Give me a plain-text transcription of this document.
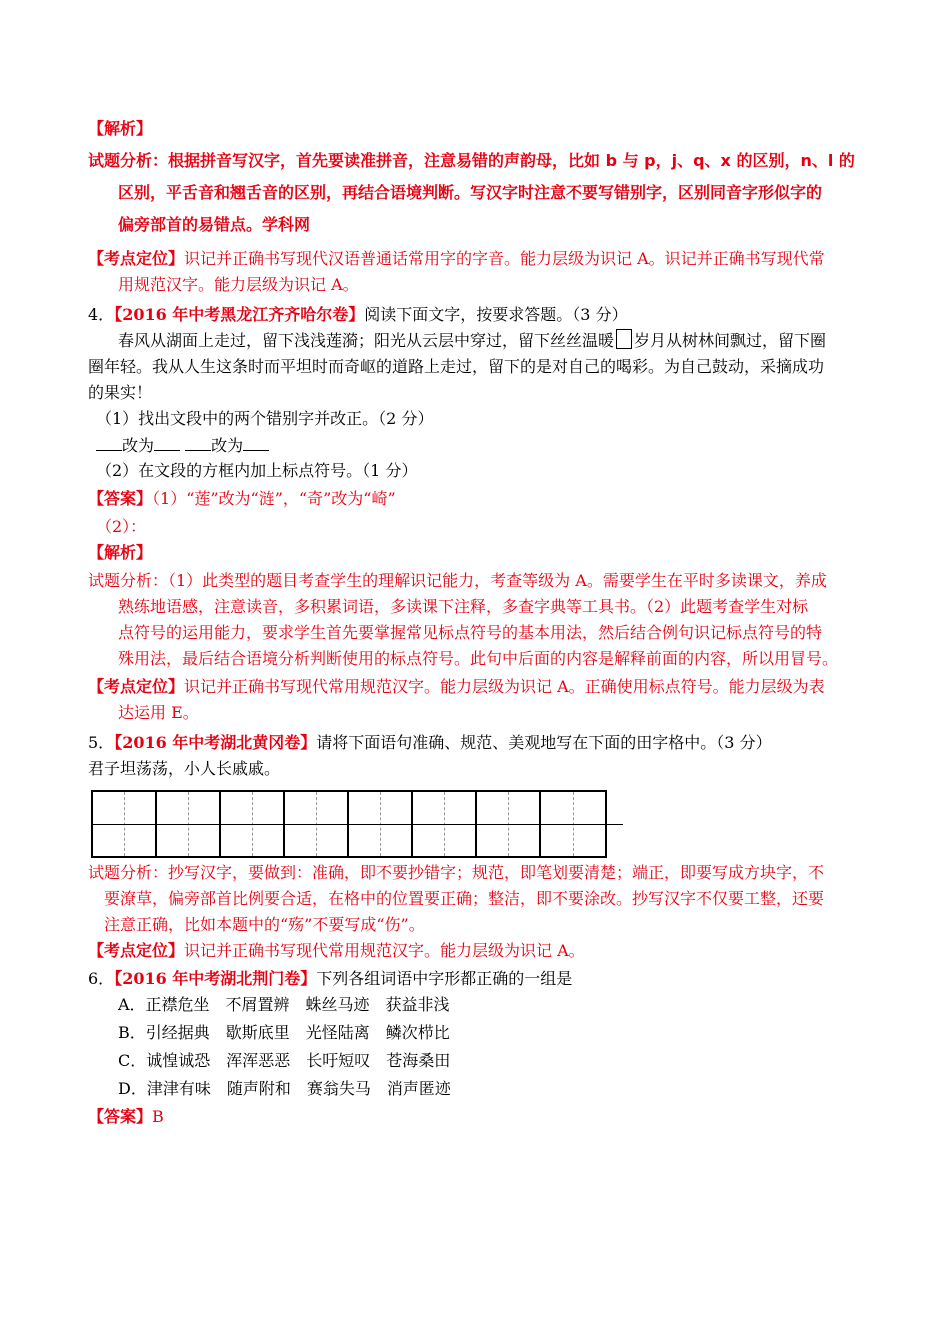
【解析】
试题分析：根据拼音写汉字，首先要读准拼音，注意易错的声韵母，比如 b 与 p，j、q、x 的区别，n、l 的
区别，平舌音和翘舌音的区别，再结合语境判断。写汉字时注意不要写错别字，区别同音字形似字的
偏旁部首的易错点。学科网
【考点定位】识记并正确书写现代汉语普通话常用字的字音。能力层级为识记 A。识记并正确书写现代常
用规范汉字。能力层级为识记 A。
4．【2016 年中考黑龙江齐齐哈尔卷】阅读下面文字，按要求答题。（3 分）
春风从湖面上走过，留下浅浅莲漪；阳光从云层中穿过，留下丝丝温暖 岁月从树林间飘过，留下圈
圈年轻。我从人生这条时而平坦时而奇岖的道路上走过，留下的是对自己的喝彩。为自己鼓动，采摘成功
的果实！
（1）找出文段中的两个错别字并改正。（2 分）
改为	改为
（2）在文段的方框内加上标点符号。（1 分）
【答案】（1）“莲”改为“涟”，“奇”改为“崎”
（2）：
【解析】
试题分析：（1）此类型的题目考查学生的理解识记能力，考查等级为 A。需要学生在平时多读课文，养成
熟练地语感，注意读音，多积累词语，多读课下注释，多查字典等工具书。（2）此题考查学生对标
点符号的运用能力，要求学生首先要掌握常见标点符号的基本用法，然后结合例句识记标点符号的特
殊用法，最后结合语境分析判断使用的标点符号。此句中后面的内容是解释前面的内容，所以用冒号。
【考点定位】识记并正确书写现代常用规范汉字。能力层级为识记 A。正确使用标点符号。能力层级为表
达运用 E。
5．【2016 年中考湖北黄冈卷】请将下面语句准确、规范、美观地写在下面的田字格中。（3 分）
君子坦荡荡，小人长戚戚。
试题分析：抄写汉字，要做到：准确，即不要抄错字；规范，即笔划要清楚；端正，即要写成方块字，不
要潦草，偏旁部首比例要合适，在格中的位置要正确；整洁，即不要涂改。抄写汉字不仅要工整，还要
注意正确，比如本题中的“殇”不要写成“伤”。
【考点定位】识记并正确书写现代常用规范汉字。能力层级为识记 A。
6．【2016 年中考湖北荆门卷】下列各组词语中字形都正确的一组是
A．正襟危坐　不屑置辨　蛛丝马迹　获益非浅
B．引经据典　歇斯底里　光怪陆离　鳞次栉比
C．诚惶诚恐　浑浑恶恶　长吁短叹　苍海桑田
D．津津有味　随声附和　赛翁失马　消声匿迹
【答案】B
